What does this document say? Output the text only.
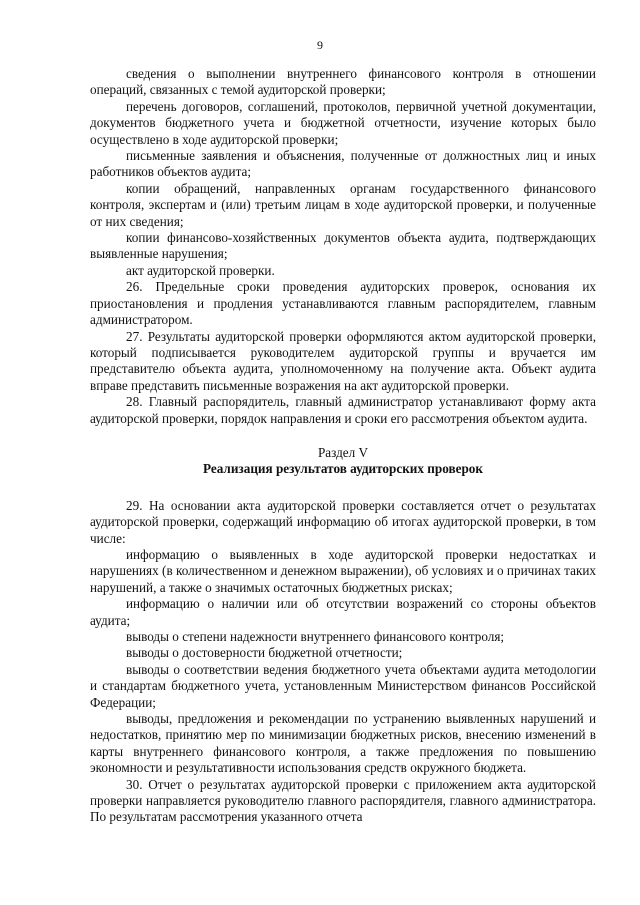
9

сведения о выполнении внутреннего финансового контроля в отношении операций, связанных с темой аудиторской проверки;

перечень договоров, соглашений, протоколов, первичной учетной документации, документов бюджетного учета и бюджетной отчетности, изучение которых было осуществлено в ходе аудиторской проверки;

письменные заявления и объяснения, полученные от должностных лиц и иных работников объектов аудита;

копии обращений, направленных органам государственного финансового контроля, экспертам и (или) третьим лицам в ходе аудиторской проверки, и полученные от них сведения;

копии финансово-хозяйственных документов объекта аудита, подтверждающих выявленные нарушения;

акт аудиторской проверки.

26. Предельные сроки проведения аудиторских проверок, основания их приостановления и продления устанавливаются главным распорядителем, главным администратором.

27. Результаты аудиторской проверки оформляются актом аудиторской проверки, который подписывается руководителем аудиторской группы и вручается им представителю объекта аудита, уполномоченному на получение акта. Объект аудита вправе представить письменные возражения на акт аудиторской проверки.

28. Главный распорядитель, главный администратор устанавливают форму акта аудиторской проверки, порядок направления и сроки его рассмотрения объектом аудита.

Раздел V
Реализация результатов аудиторских проверок

29. На основании акта аудиторской проверки составляется отчет о результатах аудиторской проверки, содержащий информацию об итогах аудиторской проверки, в том числе:

информацию о выявленных в ходе аудиторской проверки недостатках и нарушениях (в количественном и денежном выражении), об условиях и о причинах таких нарушений, а также о значимых остаточных бюджетных рисках;

информацию о наличии или об отсутствии возражений со стороны объектов аудита;

выводы о степени надежности внутреннего финансового контроля;

выводы о достоверности бюджетной отчетности;

выводы о соответствии ведения бюджетного учета объектами аудита методологии и стандартам бюджетного учета, установленным Министерством финансов Российской Федерации;

выводы, предложения и рекомендации по устранению выявленных нарушений и недостатков, принятию мер по минимизации бюджетных рисков, внесению изменений в карты внутреннего финансового контроля, а также предложения по повышению экономности и результативности использования средств окружного бюджета.

30. Отчет о результатах аудиторской проверки с приложением акта аудиторской проверки направляется руководителю главного распорядителя, главного администратора. По результатам рассмотрения указанного отчета
